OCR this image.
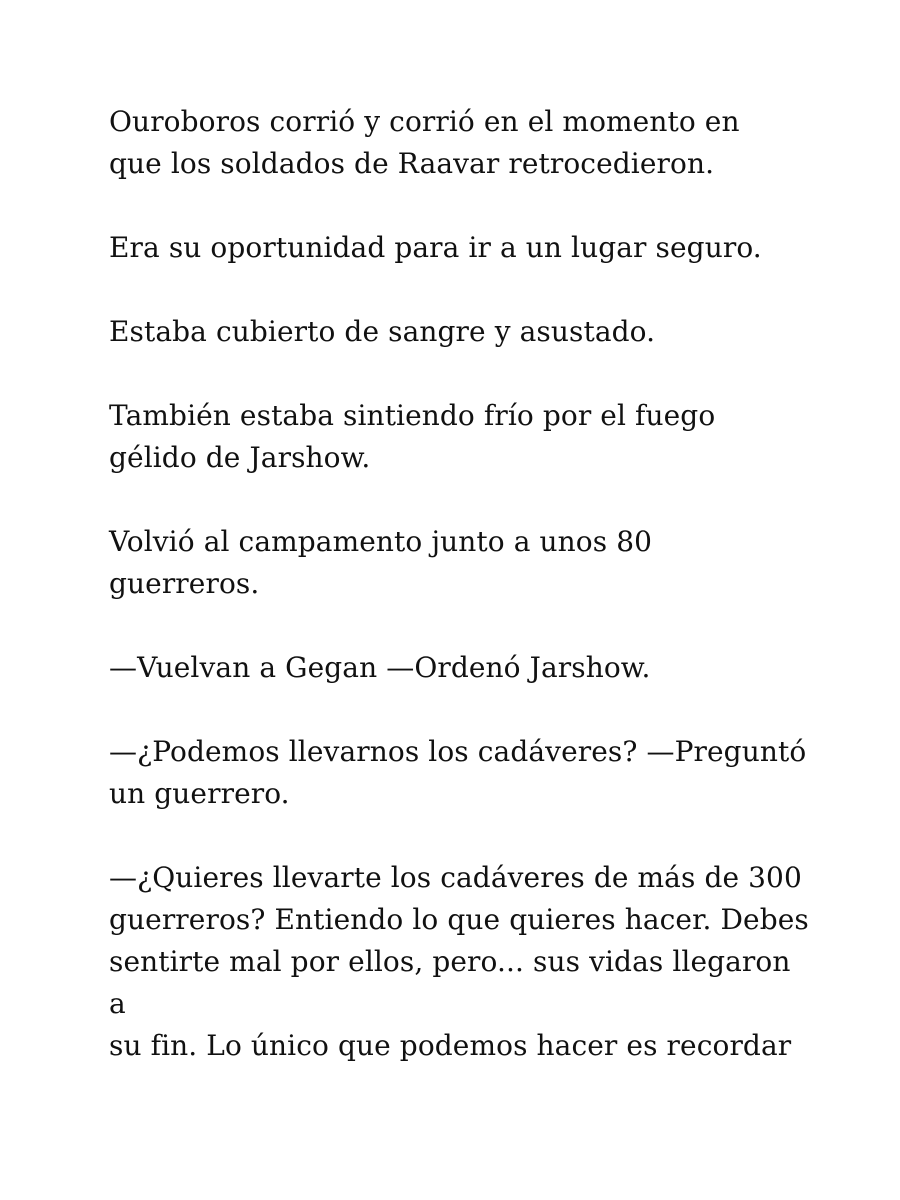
Ouroboros corrió y corrió en el momento en
que los soldados de Raavar retrocedieron.

Era su oportunidad para ir a un lugar seguro.

Estaba cubierto de sangre y asustado.

También estaba sintiendo frío por el fuego
gélido de Jarshow.

Volvió al campamento junto a unos 80
guerreros.

—Vuelvan a Gegan —Ordenó Jarshow.

—¿Podemos llevarnos los cadáveres? —Preguntó
un guerrero.

—¿Quieres llevarte los cadáveres de más de 300
guerreros? Entiendo lo que quieres hacer. Debes
sentirte mal por ellos, pero... sus vidas llegaron a
su fin. Lo único que podemos hacer es recordar
